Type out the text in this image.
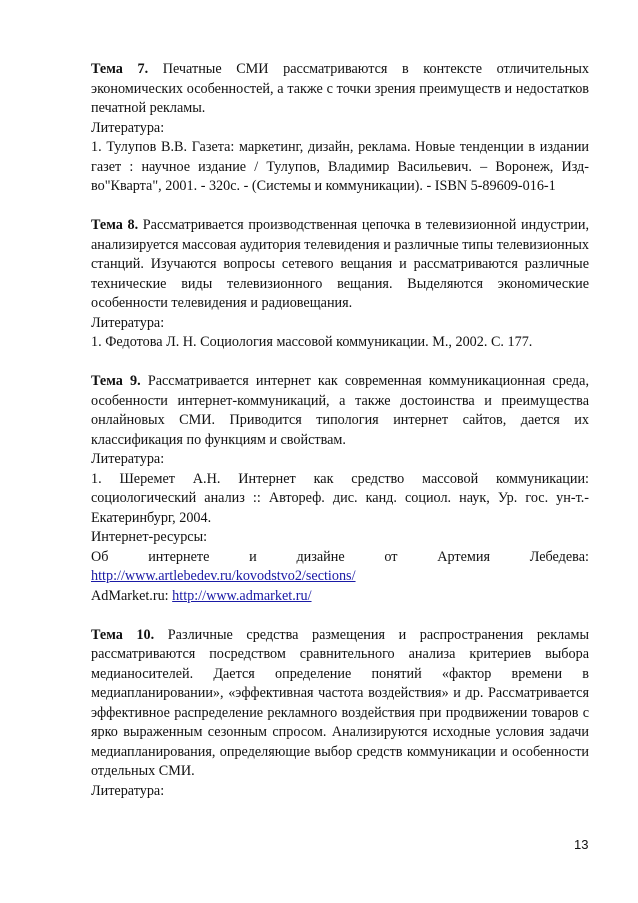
Тема 7. Печатные СМИ рассматриваются в контексте отличительных экономических особенностей, а также с точки зрения преимуществ и недостатков печатной рекламы.

Литература:

1. Тулупов В.В. Газета: маркетинг, дизайн, реклама. Новые тенденции в издании газет : научное издание / Тулупов, Владимир Васильевич. – Воронеж, Изд-во"Кварта", 2001. - 320с. - (Системы и коммуникации). - ISBN 5-89609-016-1

Тема 8. Рассматривается производственная цепочка в телевизионной индустрии, анализируется массовая аудитория телевидения и различные типы телевизионных станций. Изучаются вопросы сетевого вещания и рассматриваются различные технические виды телевизионного вещания. Выделяются экономические особенности телевидения и радиовещания.

Литература:

1. Федотова Л. Н. Социология массовой коммуникации. М., 2002. С. 177.

Тема 9. Рассматривается интернет как современная коммуникационная среда, особенности интернет-коммуникаций, а также достоинства и преимущества онлайновых СМИ. Приводится типология интернет сайтов, дается их классификация по функциям и свойствам.

Литература:

1. Шеремет А.Н. Интернет как средство массовой коммуникации: социологический анализ :: Автореф. дис. канд. социол. наук, Ур. гос. ун-т.- Екатеринбург, 2004.

Интернет-ресурсы:

Об	интернете	и	дизайне	от	Артемия	Лебедева:

http://www.artlebedev.ru/kovodstvo2/sections/

AdMarket.ru: http://www.admarket.ru/

Тема 10. Различные средства размещения и распространения рекламы рассматриваются посредством сравнительного анализа критериев выбора медианосителей. Дается определение понятий «фактор времени в медиапланировании», «эффективная частота воздействия» и др. Рассматривается эффективное распределение рекламного воздействия при продвижении товаров с ярко выраженным сезонным спросом. Анализируются исходные условия задачи медиапланирования, определяющие выбор средств коммуникации и особенности отдельных СМИ.

Литература:

13
